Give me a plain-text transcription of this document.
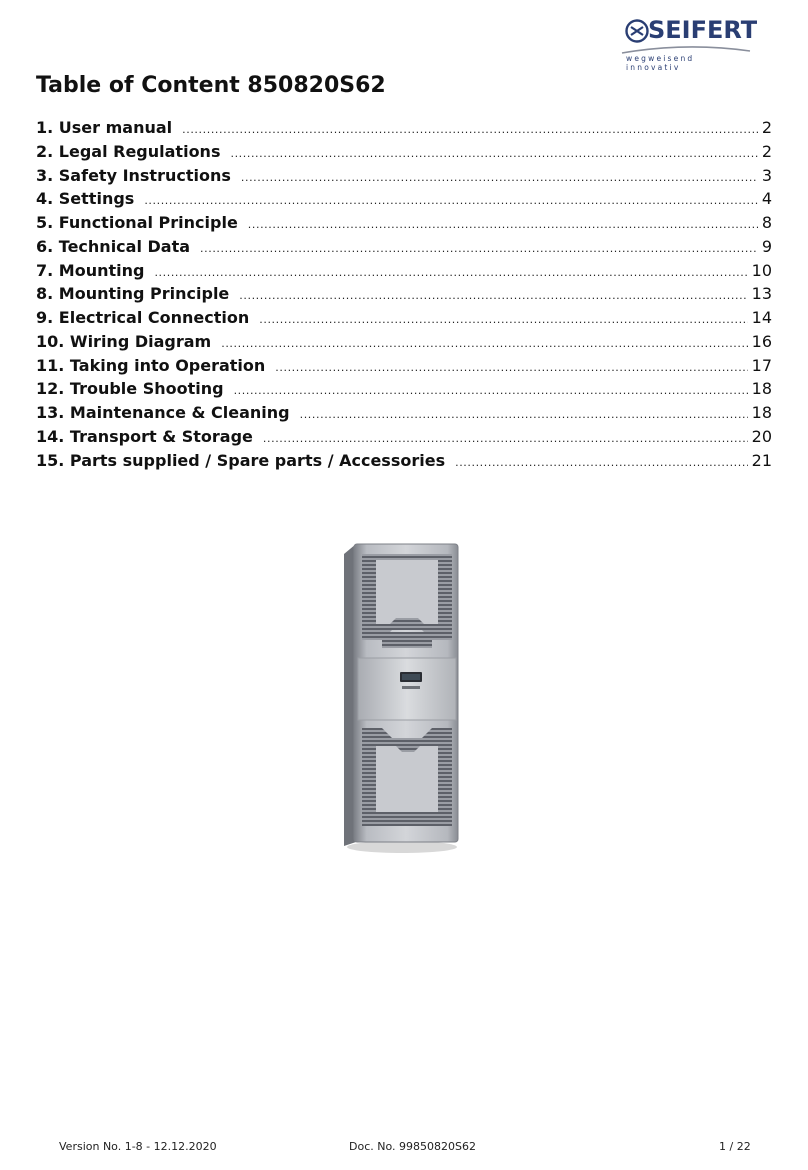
SEIFERT
wegweisend innovativ
Table of Content 850820S62
1. User manual .....	2
2. Legal Regulations .....	2
3. Safety Instructions .....	3
4. Settings .....	4
5. Functional Principle .....	8
6. Technical Data .....	9
7. Mounting .....	10
8. Mounting Principle .....	13
9. Electrical Connection .....	14
10. Wiring Diagram .....	16
11. Taking into Operation .....	17
12. Trouble Shooting .....	18
13. Maintenance & Cleaning .....	18
14. Transport & Storage .....	20
15. Parts supplied / Spare parts / Accessories .....	21
Version No. 1-8 - 12.12.2020	Doc. No. 99850820S62	1 / 22
